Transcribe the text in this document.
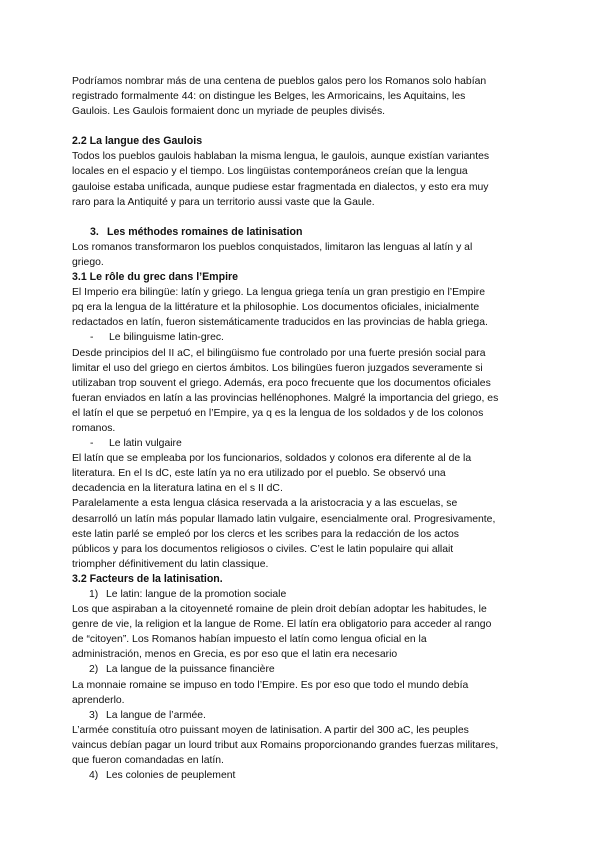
Podríamos nombrar más de una centena de pueblos galos pero los Romanos solo habían

registrado formalmente 44: on distingue les Belges, les Armoricains, les Aquitains, les

Gaulois. Les Gaulois formaient donc un myriade de peuples divisés.

2.2 La langue des Gaulois

Todos los pueblos gaulois hablaban la misma lengua, le gaulois, aunque existían variantes

locales en el espacio y el tiempo. Los lingüistas contemporáneos creían que la lengua

gauloise estaba unificada, aunque pudiese estar fragmentada en dialectos, y esto era muy

raro para la Antiquité y para un territorio aussi vaste que la Gaule.

3. Les méthodes romaines de latinisation

Los romanos transformaron los pueblos conquistados, limitaron las lenguas al latín y al

griego.

3.1 Le rôle du grec dans l’Empire

El Imperio era bilingüe: latín y griego. La lengua griega tenía un gran prestigio en l’Empire

pq era la lengua de la littérature et la philosophie. Los documentos oficiales, inicialmente

redactados en latín, fueron sistemáticamente traducidos en las provincias de habla griega.

- Le bilinguisme latin-grec.

Desde principios del II aC, el bilingüismo fue controlado por una fuerte presión social para

limitar el uso del griego en ciertos ámbitos. Los bilingües fueron juzgados severamente si

utilizaban trop souvent el griego. Además, era poco frecuente que los documentos oficiales

fueran enviados en latín a las provincias hellénophones. Malgré la importancia del griego, es

el latín el que se perpetuó en l’Empire, ya q es la lengua de los soldados y de los colonos

romanos.

- Le latin vulgaire

El latín que se empleaba por los funcionarios, soldados y colonos era diferente al de la

literatura. En el Is dC, este latín ya no era utilizado por el pueblo. Se observó una

decadencia en la literatura latina en el s II dC.

Paralelamente a esta lengua clásica reservada a la aristocracia y a las escuelas, se

desarrolló un latín más popular llamado latin vulgaire, esencialmente oral. Progresivamente,

este latin parlé se empleó por los clercs et les scribes para la redacción de los actos

públicos y para los documentos religiosos o civiles. C’est le latin populaire qui allait

triompher définitivement du latin classique.

3.2 Facteurs de la latinisation.

1) Le latin: langue de la promotion sociale

Los que aspiraban a la citoyenneté romaine de plein droit debían adoptar les habitudes, le

genre de vie, la religion et la langue de Rome. El latín era obligatorio para acceder al rango

de “citoyen”. Los Romanos habían impuesto el latín como lengua oficial en la

administración, menos en Grecia, es por eso que el latin era necesario

2) La langue de la puissance financière

La monnaie romaine se impuso en todo l’Empire. Es por eso que todo el mundo debía

aprenderlo.

3) La langue de l’armée.

L’armée constituía otro puissant moyen de latinisation. A partir del 300 aC, les peuples

vaincus debían pagar un lourd tribut aux Romains proporcionando grandes fuerzas militares,

que fueron comandadas en latín.

4) Les colonies de peuplement
